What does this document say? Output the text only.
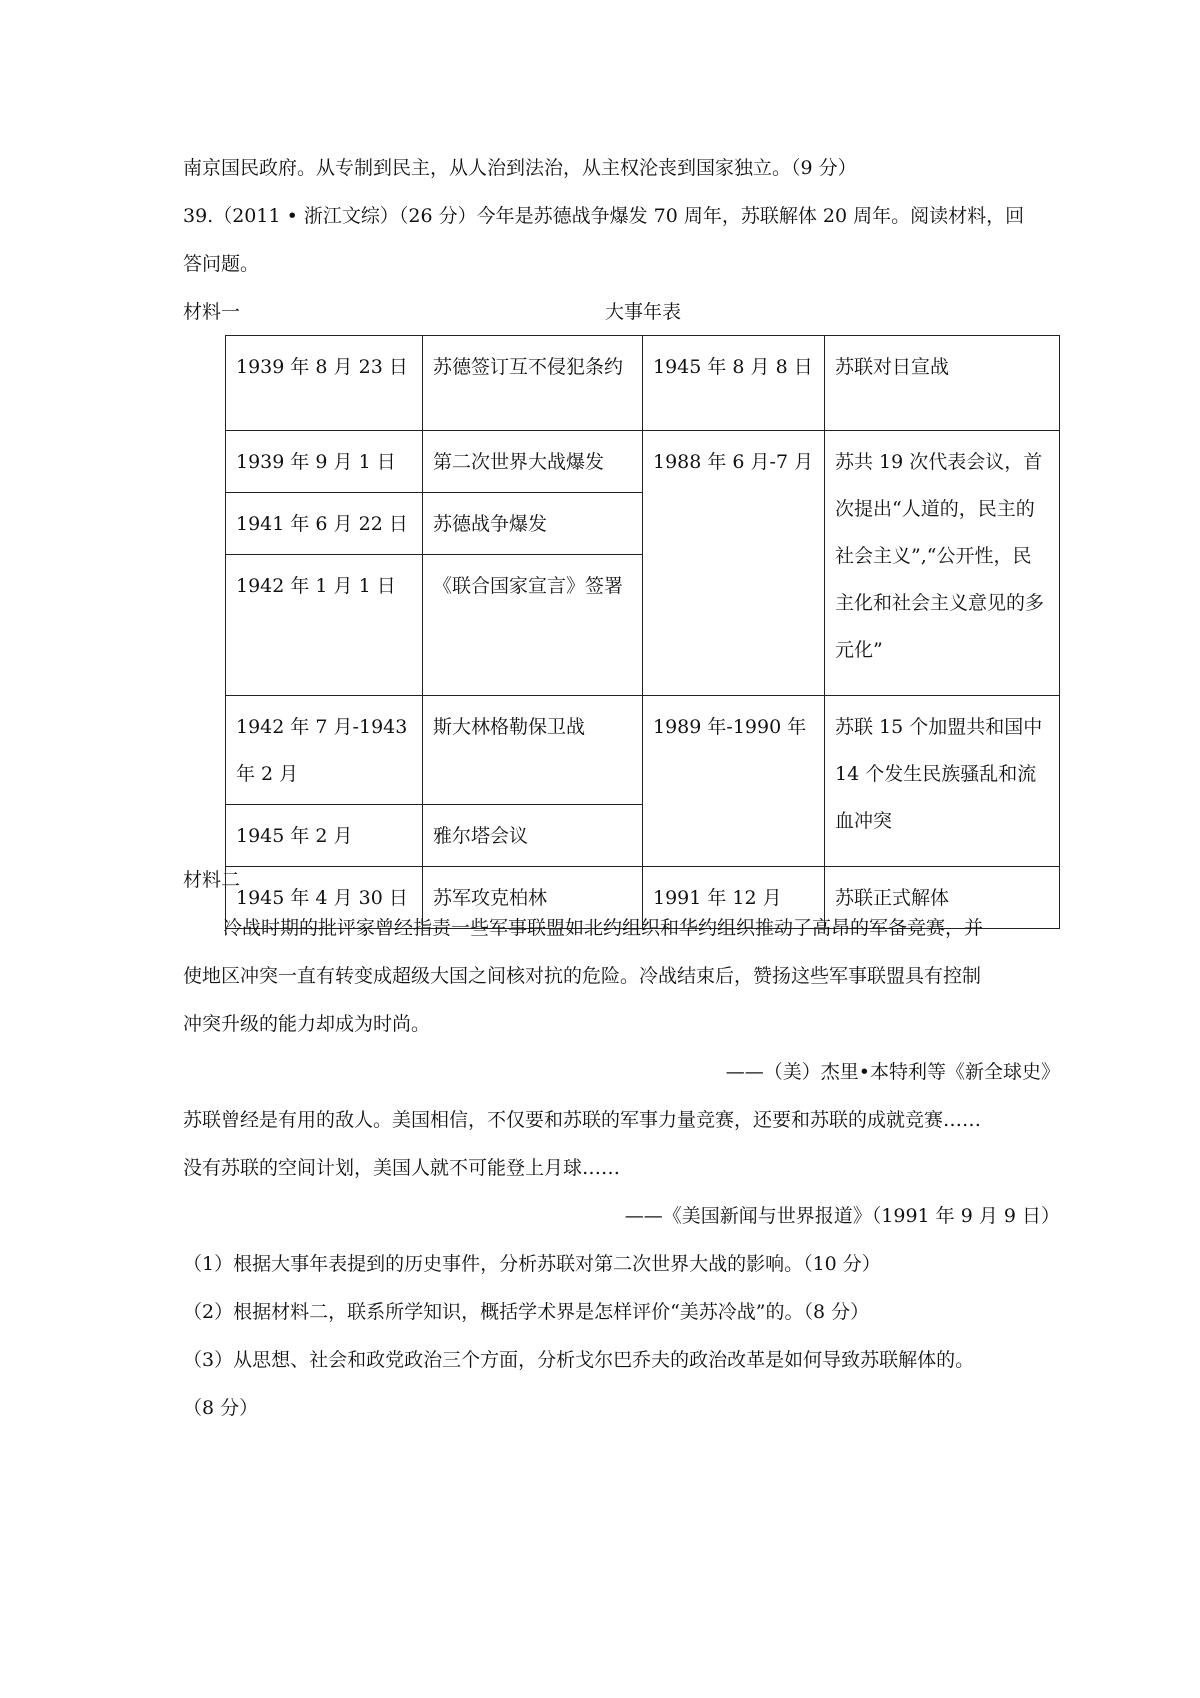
南京国民政府。从专制到民主，从人治到法治，从主权沦丧到国家独立。（9 分）
39.（2011 • 浙江文综）（26 分）今年是苏德战争爆发 70 周年，苏联解体 20 周年。阅读材料，回
答问题。
材料一	大事年表
1939 年 8 月 23 日	苏德签订互不侵犯条约	1945 年 8 月 8 日	苏联对日宣战

1939 年 9 月 1 日	第二次世界大战爆发	1988 年 6 月-7 月	苏共 19 次代表会议，首次提出“人道的，民主的社会主义”,“公开性，民主化和社会主义意见的多元化”

1941 年 6 月 22 日	苏德战争爆发		

1942 年 1 月 1 日	《联合国家宣言》签署		

1942 年 7 月-1943 年 2 月	斯大林格勒保卫战	1989 年-1990 年	苏联 15 个加盟共和国中 14 个发生民族骚乱和流血冲突

1945 年 2 月	雅尔塔会议		

1945 年 4 月 30 日	苏军攻克柏林	1991 年 12 月	苏联正式解体
材料二
冷战时期的批评家曾经指责一些军事联盟如北约组织和华约组织推动了高昂的军备竞赛，并
使地区冲突一直有转变成超级大国之间核对抗的危险。冷战结束后，赞扬这些军事联盟具有控制
冲突升级的能力却成为时尚。
——（美）杰里•本特利等《新全球史》
苏联曾经是有用的敌人。美国相信，不仅要和苏联的军事力量竞赛，还要和苏联的成就竞赛……
没有苏联的空间计划，美国人就不可能登上月球……
——《美国新闻与世界报道》（1991 年 9 月 9 日）
（1）根据大事年表提到的历史事件，分析苏联对第二次世界大战的影响。（10 分）
（2）根据材料二，联系所学知识，概括学术界是怎样评价“美苏冷战”的。（8 分）
（3）从思想、社会和政党政治三个方面，分析戈尔巴乔夫的政治改革是如何导致苏联解体的。
（8 分）
